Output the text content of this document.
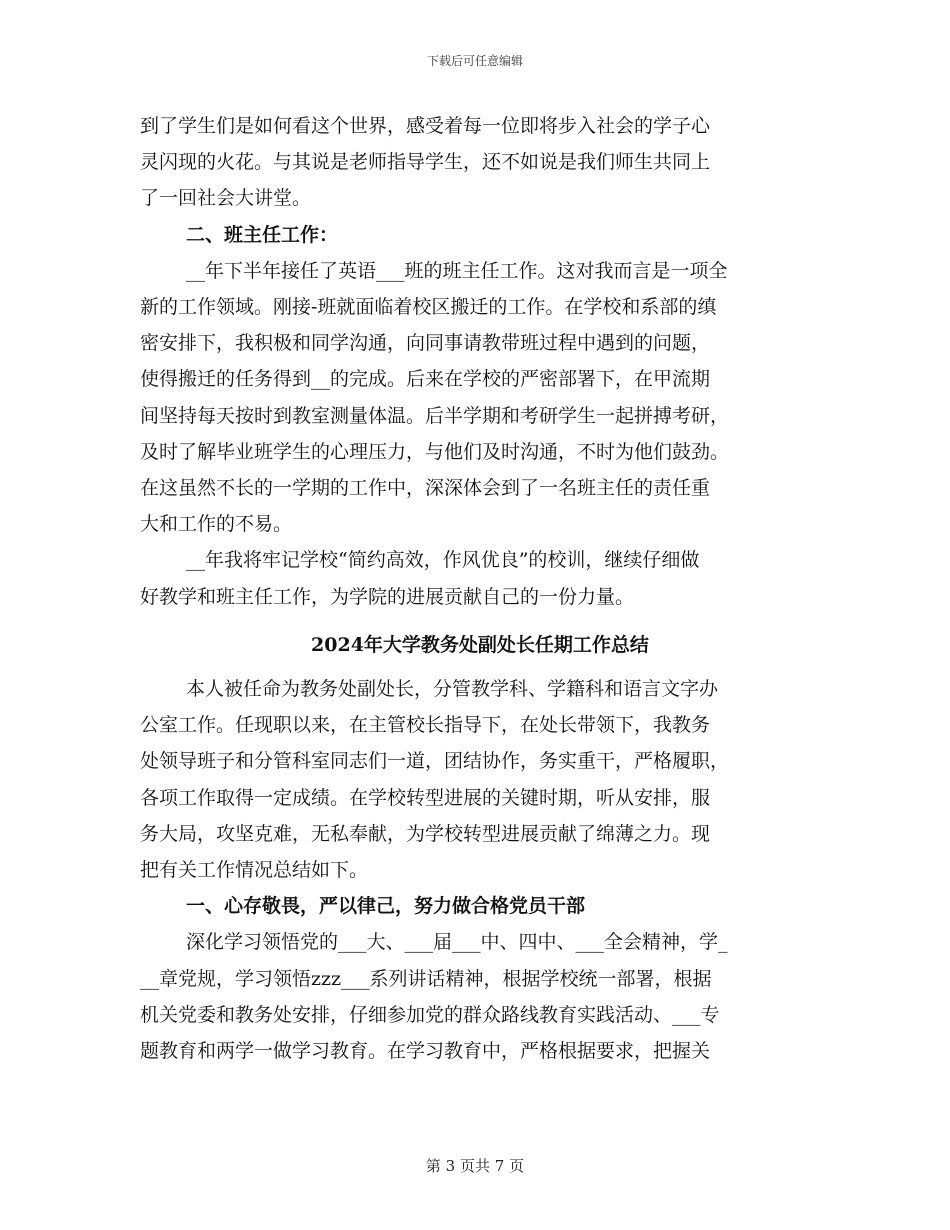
下载后可任意编辑
到了学生们是如何看这个世界，感受着每一位即将步入社会的学子心
灵闪现的火花。与其说是老师指导学生，还不如说是我们师生共同上
了一回社会大讲堂。
二、班主任工作：
__年下半年接任了英语___班的班主任工作。这对我而言是一项全
新的工作领域。刚接-班就面临着校区搬迁的工作。在学校和系部的缜
密安排下，我积极和同学沟通，向同事请教带班过程中遇到的问题，
使得搬迁的任务得到__的完成。后来在学校的严密部署下，在甲流期
间坚持每天按时到教室测量体温。后半学期和考研学生一起拼搏考研，
及时了解毕业班学生的心理压力，与他们及时沟通，不时为他们鼓劲。
在这虽然不长的一学期的工作中，深深体会到了一名班主任的责任重
大和工作的不易。
__年我将牢记学校“简约高效，作风优良”的校训，继续仔细做
好教学和班主任工作，为学院的进展贡献自己的一份力量。
2024年大学教务处副处长任期工作总结
本人被任命为教务处副处长，分管教学科、学籍科和语言文字办
公室工作。任现职以来，在主管校长指导下，在处长带领下，我教务
处领导班子和分管科室同志们一道，团结协作，务实重干，严格履职，
各项工作取得一定成绩。在学校转型进展的关键时期，听从安排，服
务大局，攻坚克难，无私奉献，为学校转型进展贡献了绵薄之力。现
把有关工作情况总结如下。
一、心存敬畏，严以律己，努力做合格党员干部
深化学习领悟党的___大、___届___中、四中、___全会精神，学_
__章党规，学习领悟zzz___系列讲话精神，根据学校统一部署，根据
机关党委和教务处安排，仔细参加党的群众路线教育实践活动、___专
题教育和两学一做学习教育。在学习教育中，严格根据要求，把握关
第 3 页共 7 页
